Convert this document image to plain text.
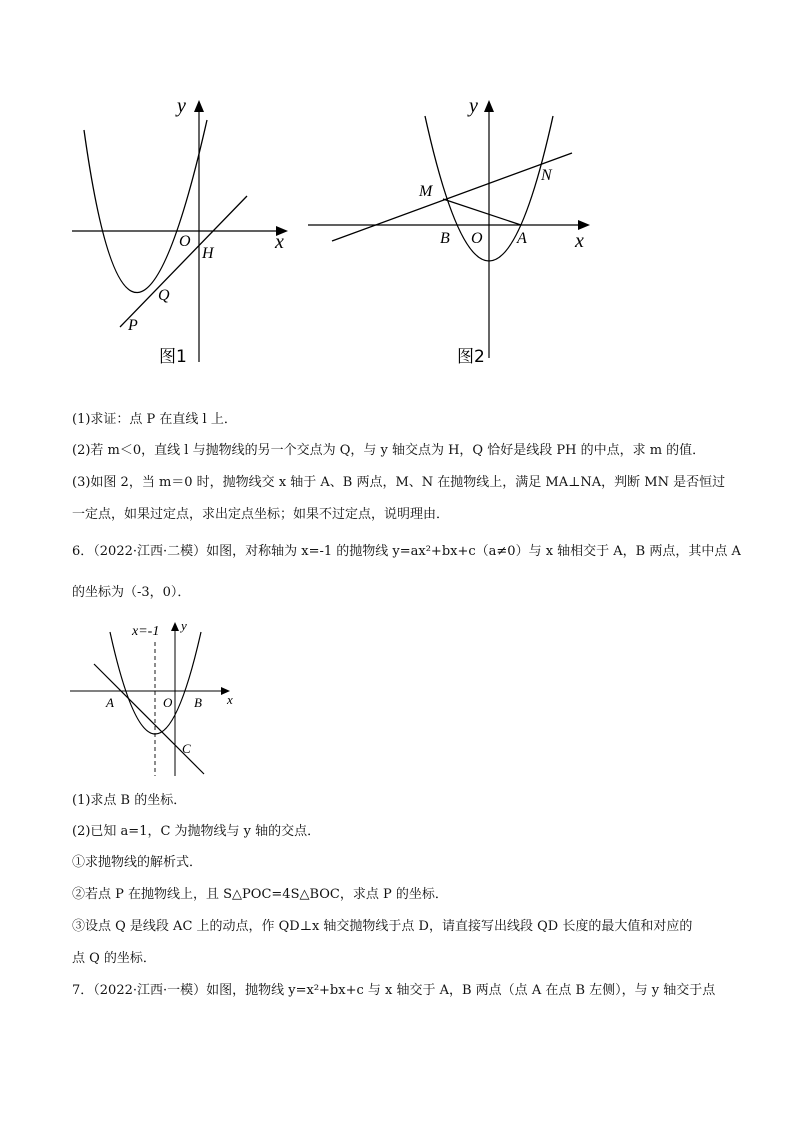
y
x
O
H
Q
P
图1
y
x
O
M
N
B	A
图2
(1)求证：点 P 在直线 l 上．
(2)若 m＜0，直线 l 与抛物线的另一个交点为 Q，与 y 轴交点为 H，Q 恰好是线段 PH 的中点，求 m 的值．
(3)如图 2，当 m＝0 时，抛物线交 x 轴于 A、B 两点，M、N 在抛物线上，满足 MA⊥NA，判断 MN 是否恒过
一定点，如果过定点，求出定点坐标；如果不过定点，说明理由．
6．（2022·江西·二模）如图，对称轴为 x=-1 的抛物线 y=ax²+bx+c（a≠0）与 x 轴相交于 A，B 两点，其中点 A
的坐标为（-3，0）．
x=-1 y
x
O
A	B
C
(1)求点 B 的坐标．
(2)已知 a=1，C 为抛物线与 y 轴的交点．
①求抛物线的解析式．
②若点 P 在抛物线上，且 S△POC=4S△BOC，求点 P 的坐标．
③设点 Q 是线段 AC 上的动点，作 QD⊥x 轴交抛物线于点 D，请直接写出线段 QD 长度的最大值和对应的
点 Q 的坐标．
7．（2022·江西·一模）如图，抛物线 y=x²+bx+c 与 x 轴交于 A，B 两点（点 A 在点 B 左侧），与 y 轴交于点
